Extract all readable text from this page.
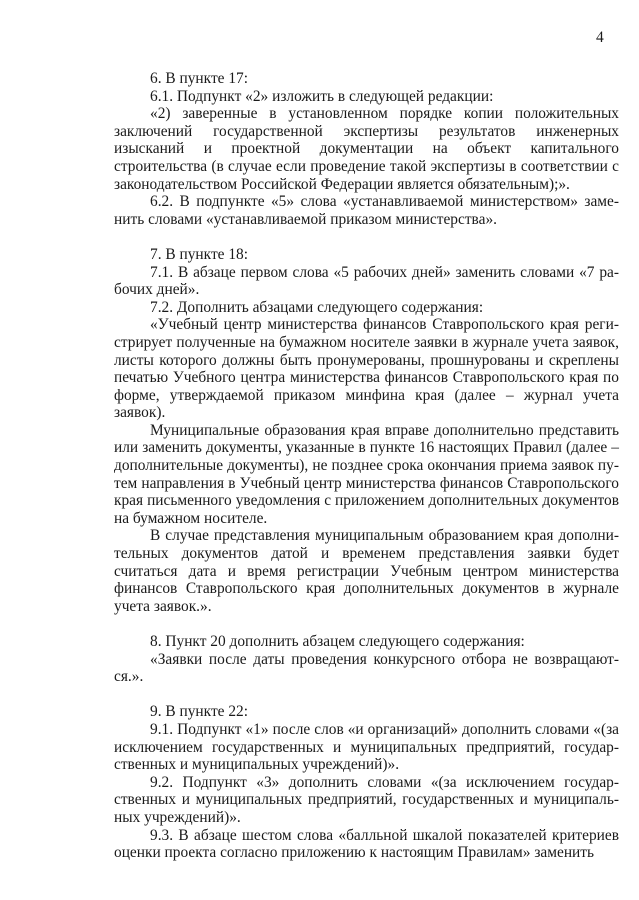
4

6. В пункте 17:

6.1. Подпункт «2» изложить в следующей редакции:

«2) заверенные в установленном порядке копии положительных заключений государственной экспертизы результатов инженерных изысканий и проектной документации на объект капитального строительства (в случае если проведение такой экспертизы в соответствии с законодательством Российской Федерации является обязательным);».

6.2. В подпункте «5» слова «устанавливаемой министерством» заменить словами «устанавливаемой приказом министерства».

7. В пункте 18:

7.1. В абзаце первом слова «5 рабочих дней» заменить словами «7 рабочих дней».

7.2. Дополнить абзацами следующего содержания:

«Учебный центр министерства финансов Ставропольского края регистрирует полученные на бумажном носителе заявки в журнале учета заявок, листы которого должны быть пронумерованы, прошнурованы и скреплены печатью Учебного центра министерства финансов Ставропольского края по форме, утверждаемой приказом минфина края (далее – журнал учета заявок).

Муниципальные образования края вправе дополнительно представить или заменить документы, указанные в пункте 16 настоящих Правил (далее – дополнительные документы), не позднее срока окончания приема заявок путем направления в Учебный центр министерства финансов Ставропольского края письменного уведомления с приложением дополнительных документов на бумажном носителе.

В случае представления муниципальным образованием края дополнительных документов датой и временем представления заявки будет считаться дата и время регистрации Учебным центром министерства финансов Ставропольского края дополнительных документов в журнале учета заявок.».

8. Пункт 20 дополнить абзацем следующего содержания:

«Заявки после даты проведения конкурсного отбора не возвращаются.».

9. В пункте 22:

9.1. Подпункт «1» после слов «и организаций» дополнить словами «(за исключением государственных и муниципальных предприятий, государственных и муниципальных учреждений)».

9.2. Подпункт «3» дополнить словами «(за исключением государственных и муниципальных предприятий, государственных и муниципальных учреждений)».

9.3. В абзаце шестом слова «балльной шкалой показателей критериев оценки проекта согласно приложению к настоящим Правилам» заменить
